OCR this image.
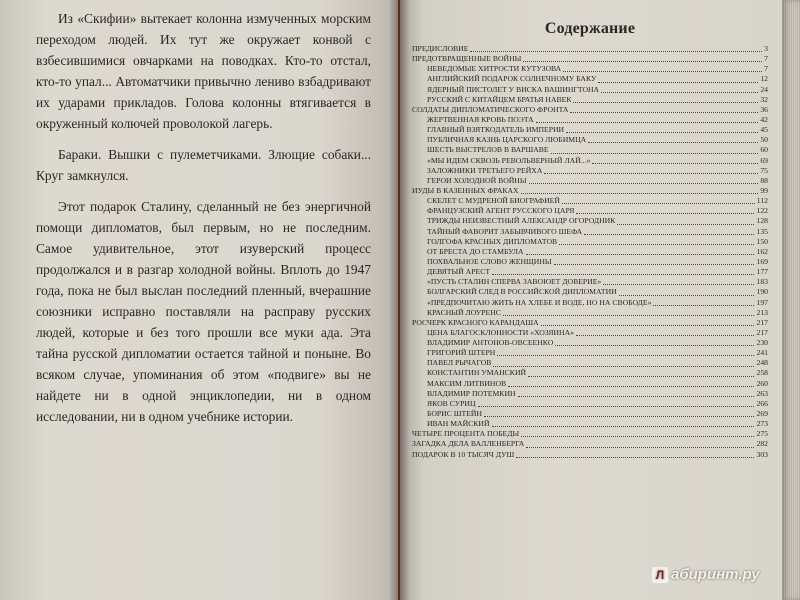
Из «Скифии» вытекает колонна измученных морским переходом людей. Их тут же окружает конвой с взбесившимися овчарками на поводках. Кто-то отстал, кто-то упал... Автоматчики привычно лениво взбадривают их ударами прикладов. Голова колонны втягивается в окруженный колючей проволокой лагерь.

Бараки. Вышки с пулеметчиками. Злющие собаки... Круг замкнулся.

Этот подарок Сталину, сделанный не без энергичной помощи дипломатов, был первым, но не последним. Самое удивительное, этот изуверский процесс продолжался и в разгар холодной войны. Вплоть до 1947 года, пока не был выслан последний пленный, вчерашние союзники исправно поставляли на расправу русских людей, которые и без того прошли все муки ада. Эта тайна русской дипломатии остается тайной и поныне. Во всяком случае, упоминания об этом «подвиге» вы не найдете ни в одной энциклопедии, ни в одном исследовании, ни в одном учебнике истории.

Содержание
ПРЕДИСЛОВИЕ	3
ПРЕДОТВРАЩЕННЫЕ ВОЙНЫ	7
НЕВЕДОМЫЕ ХИТРОСТИ КУТУЗОВА	7
АНГЛИЙСКИЙ ПОДАРОК СОЛНЕЧНОМУ БАКУ	12
ЯДЕРНЫЙ ПИСТОЛЕТ У ВИСКА ВАШИНГТОНА	24
РУССКИЙ С КИТАЙЦЕМ БРАТЬЯ НАВЕК	32
СОЛДАТЫ ДИПЛОМАТИЧЕСКОГО ФРОНТА	36
ЖЕРТВЕННАЯ КРОВЬ ПОЭТА	42
ГЛАВНЫЙ ВЗЯТКОДАТЕЛЬ ИМПЕРИИ	45
ПУБЛИЧНАЯ КАЗНЬ ЦАРСКОГО ЛЮБИМЦА	50
ШЕСТЬ ВЫСТРЕЛОВ В ВАРШАВЕ	60
«МЫ ИДЕМ СКВОЗЬ РЕВОЛЬВЕРНЫЙ ЛАЙ...»	69
ЗАЛОЖНИКИ ТРЕТЬЕГО РЕЙХА	75
ГЕРОИ ХОЛОДНОЙ ВОЙНЫ	88
ИУДЫ В КАЗЕННЫХ ФРАКАХ	99
СКЕЛЕТ С МУДРЕНОЙ БИОГРАФИЕЙ	112
ФРАНЦУЗСКИЙ АГЕНТ РУССКОГО ЦАРЯ	122
ТРИЖДЫ НЕИЗВЕСТНЫЙ АЛЕКСАНДР ОГОРОДНИК	128
ТАЙНЫЙ ФАВОРИТ ЗАБЫВЧИВОГО ШЕФА	135
ГОЛГОФА КРАСНЫХ ДИПЛОМАТОВ	150
ОТ БРЕСТА ДО СТАМБУЛА	162
ПОХВАЛЬНОЕ СЛОВО ЖЕНЩИНЫ	169
ДЕВЯТЫЙ АРЕСТ	177
«ПУСТЬ СТАЛИН СПЕРВА ЗАВОЮЕТ ДОВЕРИЕ»	183
БОЛГАРСКИЙ СЛЕД В РОССИЙСКОЙ ДИПЛОМАТИИ	190
«ПРЕДПОЧИТАЮ ЖИТЬ НА ХЛЕБЕ И ВОДЕ, НО НА СВОБОДЕ»	197
КРАСНЫЙ ЛОУРЕНС	213
РОСЧЕРК КРАСНОГО КАРАНДАША	217
ЦЕНА БЛАГОСКЛОННОСТИ «ХОЗЯИНА»	217
ВЛАДИМИР АНТОНОВ-ОВСЕЕНКО	230
ГРИГОРИЙ ШТЕРН	241
ПАВЕЛ РЫЧАГОВ	248
КОНСТАНТИН УМАНСКИЙ	258
МАКСИМ ЛИТВИНОВ	260
ВЛАДИМИР ПОТЕМКИН	263
ЯКОВ СУРИЦ	266
БОРИС ШТЕЙН	269
ИВАН МАЙСКИЙ	273
ЧЕТЫРЕ ПРОЦЕНТА ПОБЕДЫ	275
ЗАГАДКА ДЕЛА ВАЛЛЕНБЕРГА	282
ПОДАРОК В 10 ТЫСЯЧ ДУШ	303
Л абиринт.ру
